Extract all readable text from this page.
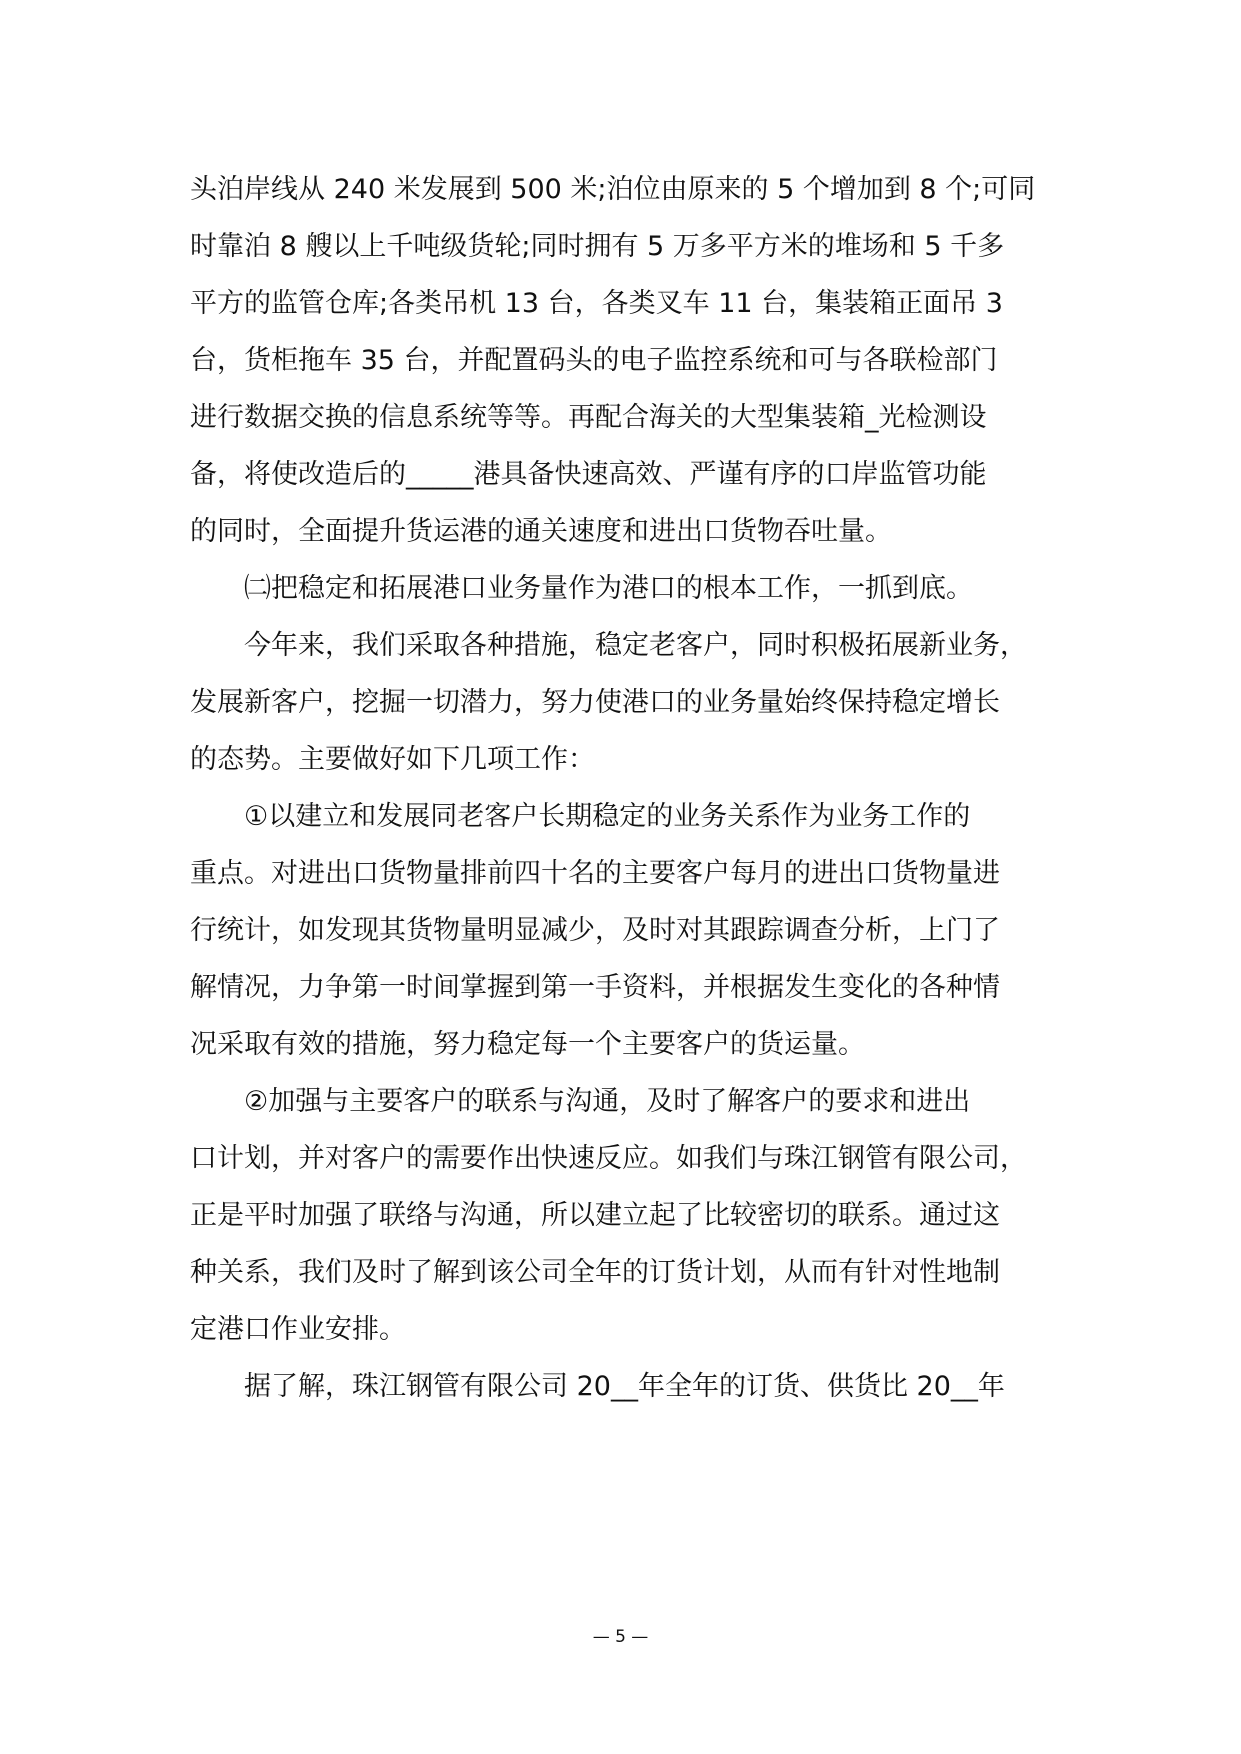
头泊岸线从 240 米发展到 500 米;泊位由原来的 5 个增加到 8 个;可同
时靠泊 8 艘以上千吨级货轮;同时拥有 5 万多平方米的堆场和 5 千多
平方的监管仓库;各类吊机 13 台，各类叉车 11 台，集装箱正面吊 3
台，货柜拖车 35 台，并配置码头的电子监控系统和可与各联检部门
进行数据交换的信息系统等等。再配合海关的大型集装箱_光检测设
备，将使改造后的_____港具备快速高效、严谨有序的口岸监管功能
的同时，全面提升货运港的通关速度和进出口货物吞吐量。
㈡把稳定和拓展港口业务量作为港口的根本工作，一抓到底。
今年来，我们采取各种措施，稳定老客户，同时积极拓展新业务，
发展新客户，挖掘一切潜力，努力使港口的业务量始终保持稳定增长
的态势。主要做好如下几项工作：
①以建立和发展同老客户长期稳定的业务关系作为业务工作的
重点。对进出口货物量排前四十名的主要客户每月的进出口货物量进
行统计，如发现其货物量明显减少，及时对其跟踪调查分析，上门了
解情况，力争第一时间掌握到第一手资料，并根据发生变化的各种情
况采取有效的措施，努力稳定每一个主要客户的货运量。
②加强与主要客户的联系与沟通，及时了解客户的要求和进出
口计划，并对客户的需要作出快速反应。如我们与珠江钢管有限公司，
正是平时加强了联络与沟通，所以建立起了比较密切的联系。通过这
种关系，我们及时了解到该公司全年的订货计划，从而有针对性地制
定港口作业安排。
据了解，珠江钢管有限公司 20__年全年的订货、供货比 20__年
— 5 —
